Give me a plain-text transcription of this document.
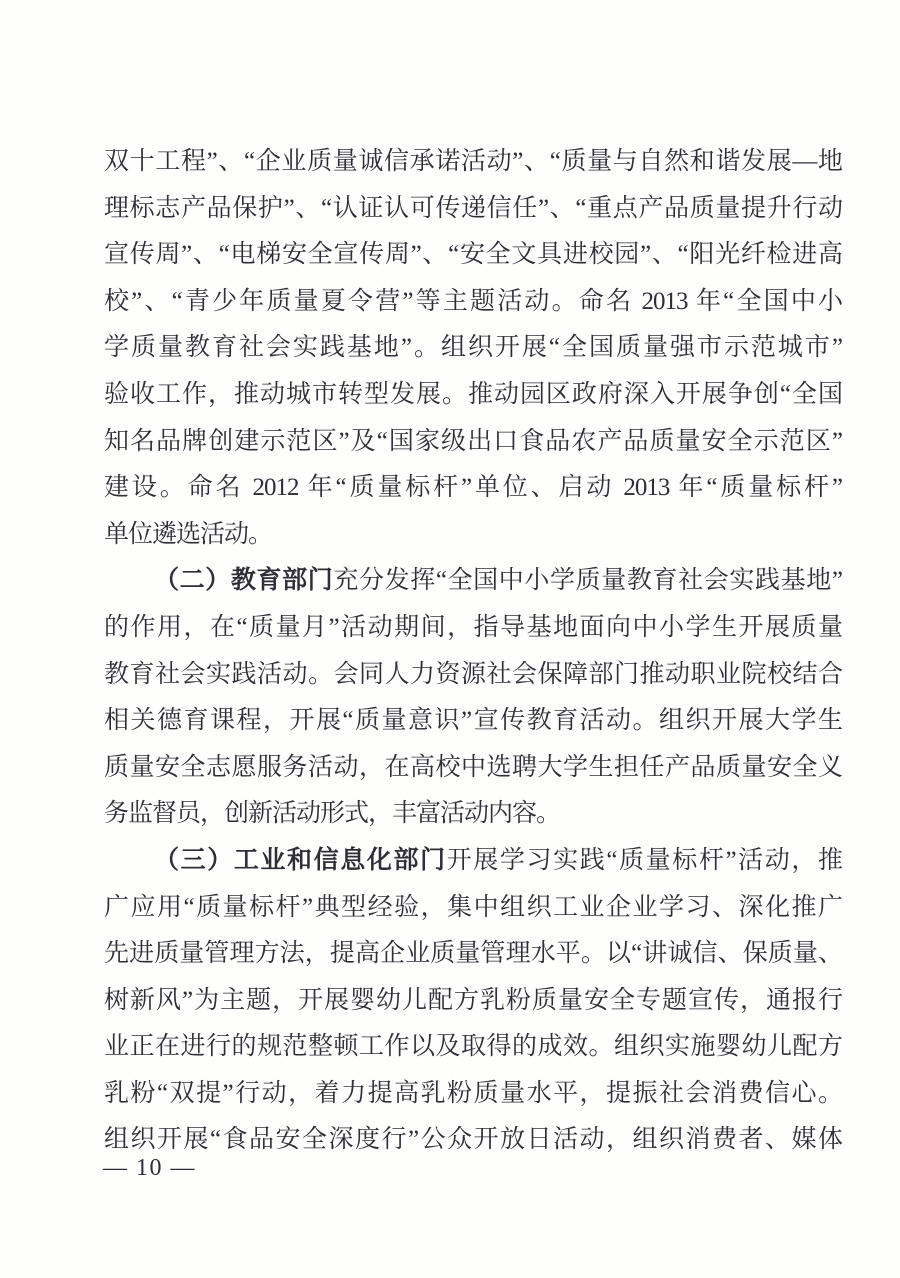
双十工程”、“企业质量诚信承诺活动”、“质量与自然和谐发展—地
理标志产品保护”、“认证认可传递信任”、“重点产品质量提升行动
宣传周”、“电梯安全宣传周”、“安全文具进校园”、“阳光纤检进高
校”、“青少年质量夏令营”等主题活动。命名 2013 年“全国中小
学质量教育社会实践基地”。组织开展“全国质量强市示范城市”
验收工作，推动城市转型发展。推动园区政府深入开展争创“全国
知名品牌创建示范区”及“国家级出口食品农产品质量安全示范区”
建设。命名 2012 年“质量标杆”单位、启动 2013 年“质量标杆”
单位遴选活动。
（二）教育部门充分发挥“全国中小学质量教育社会实践基地”
的作用，在“质量月”活动期间，指导基地面向中小学生开展质量
教育社会实践活动。会同人力资源社会保障部门推动职业院校结合
相关德育课程，开展“质量意识”宣传教育活动。组织开展大学生
质量安全志愿服务活动，在高校中选聘大学生担任产品质量安全义
务监督员，创新活动形式，丰富活动内容。
（三）工业和信息化部门开展学习实践“质量标杆”活动，推
广应用“质量标杆”典型经验，集中组织工业企业学习、深化推广
先进质量管理方法，提高企业质量管理水平。以“讲诚信、保质量、
树新风”为主题，开展婴幼儿配方乳粉质量安全专题宣传，通报行
业正在进行的规范整顿工作以及取得的成效。组织实施婴幼儿配方
乳粉“双提”行动，着力提高乳粉质量水平，提振社会消费信心。
组织开展“食品安全深度行”公众开放日活动，组织消费者、媒体
— 10 —
